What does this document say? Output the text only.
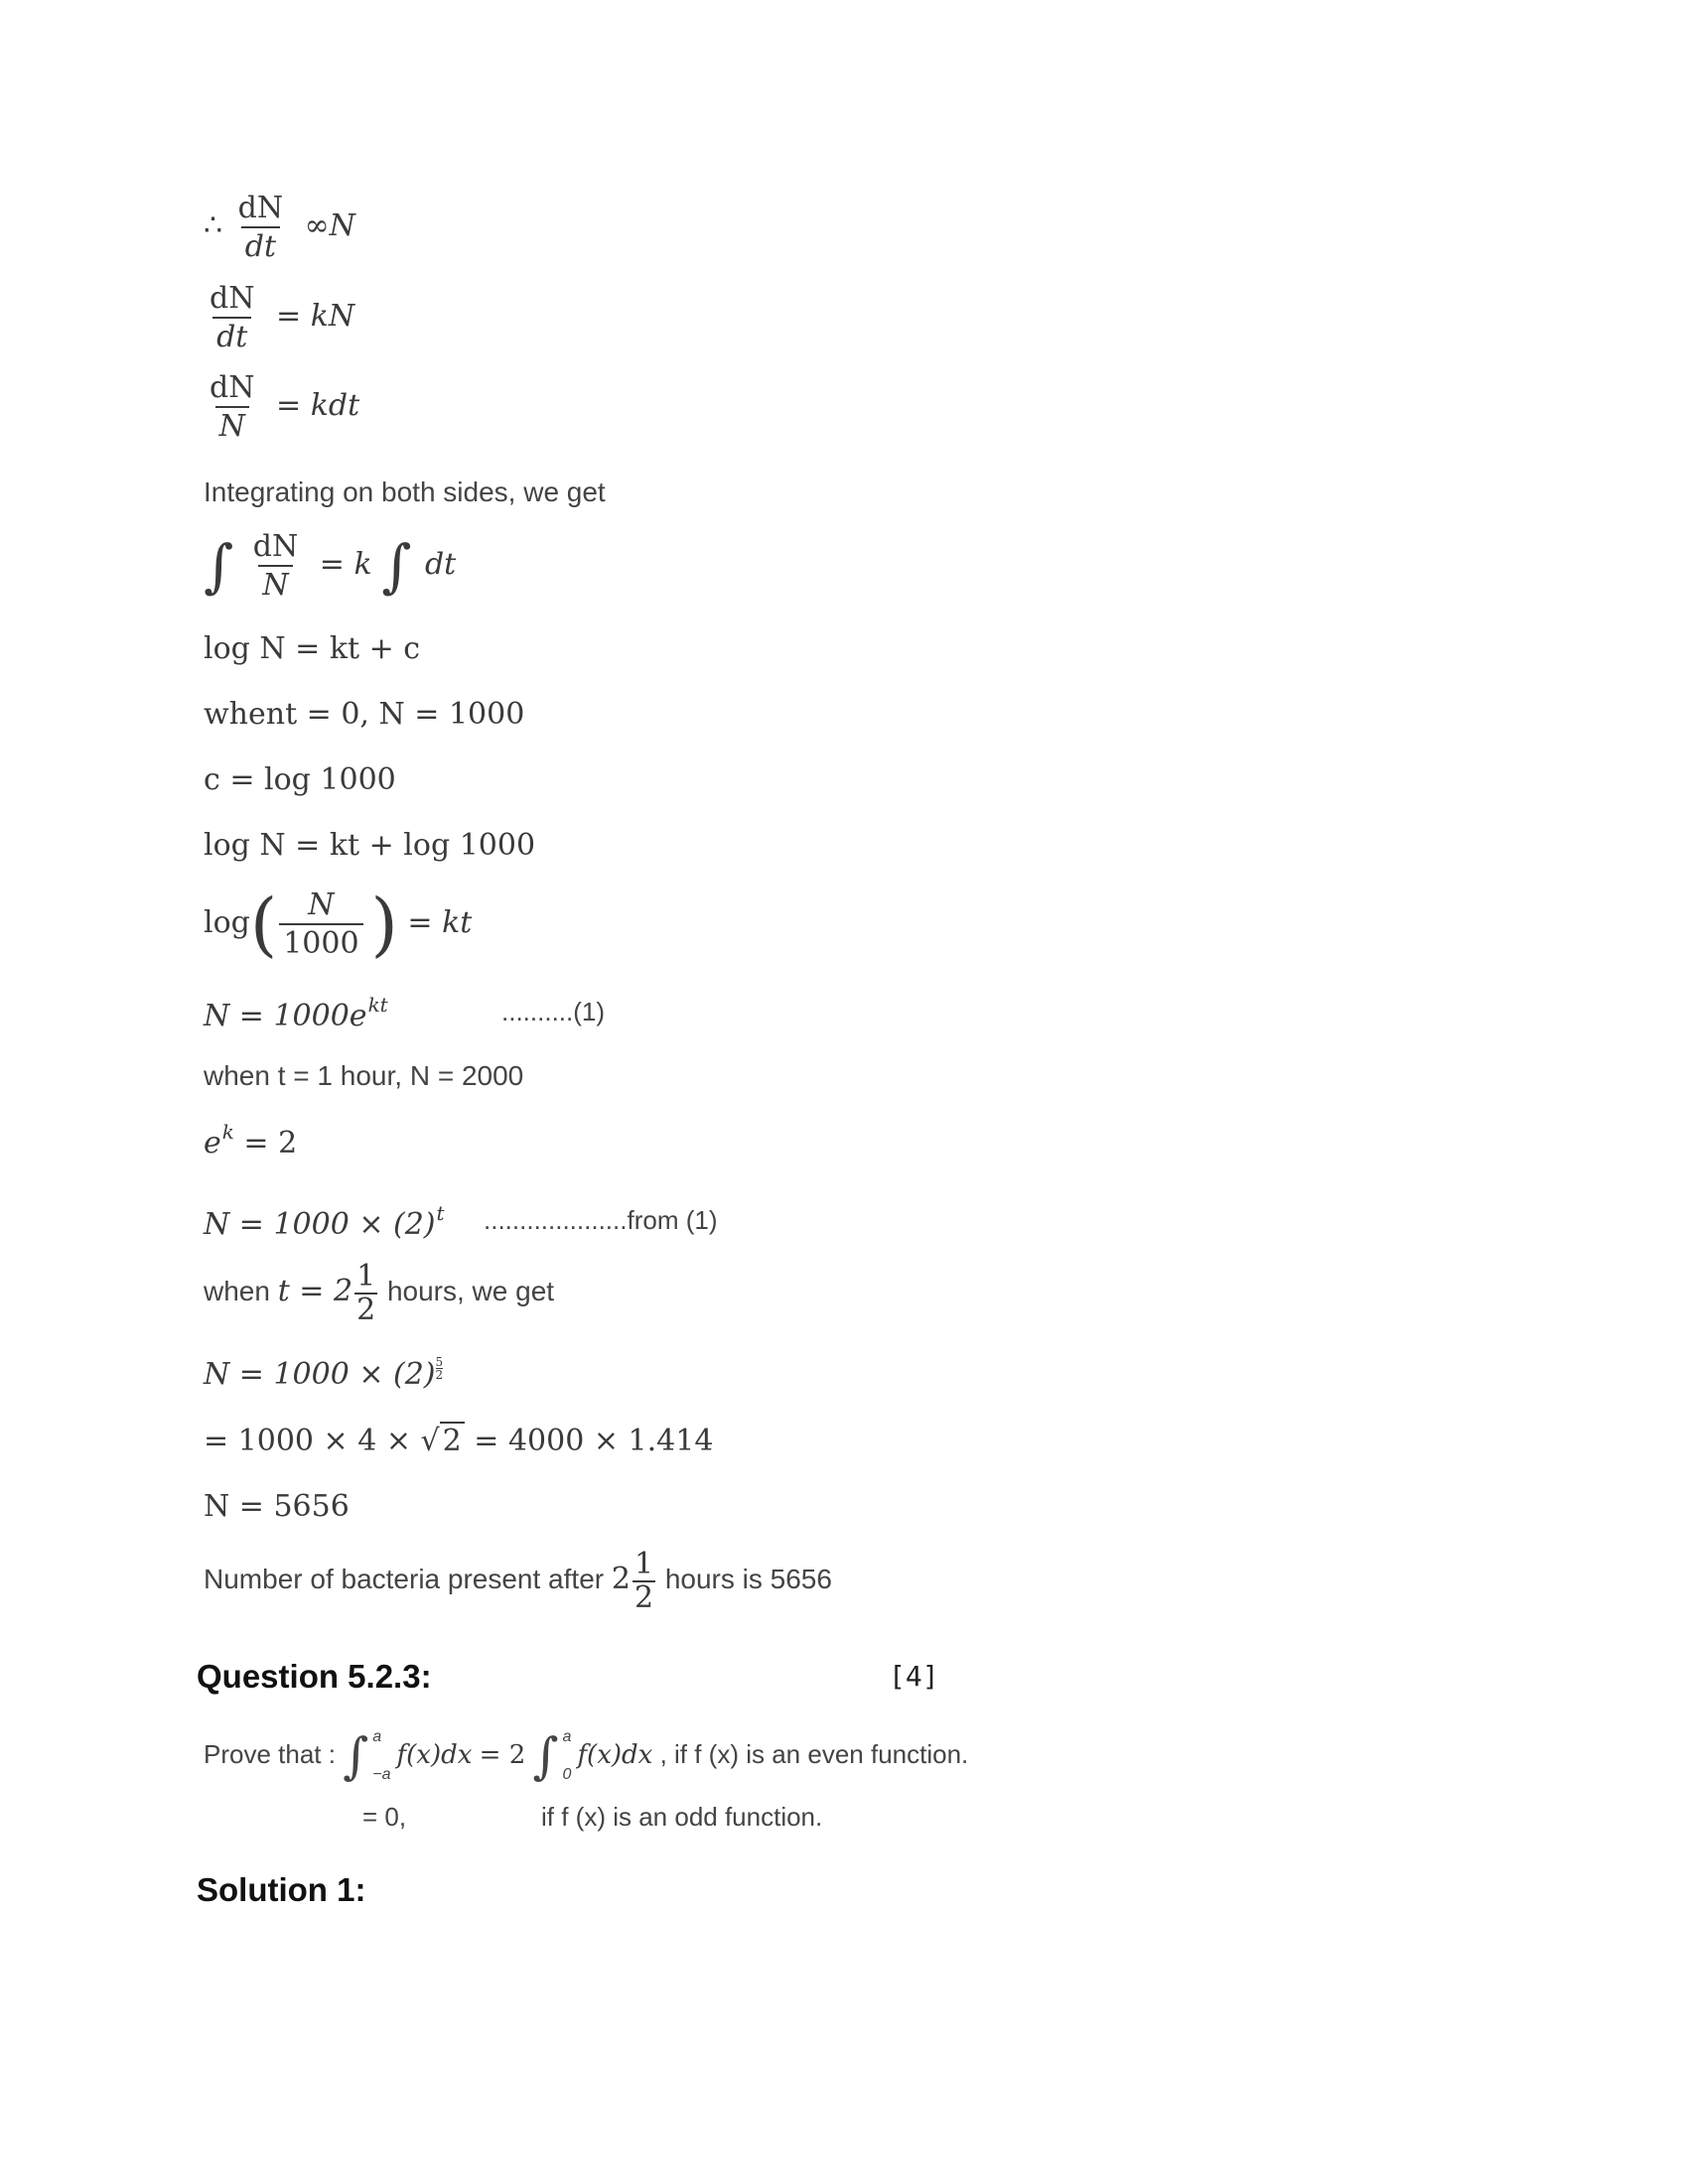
∴ $\frac{dN}{dt} \infty N$
$\frac{dN}{dt}$ = kN
$\frac{dN}{N}$ = kdt
Integrating on both sides, we get
∫ $\frac{dN}{N} = k$ ∫ dt
log N = kt + c
whent = 0, N = 1000
c = log 1000
log N = kt + log 1000
$\log( \frac{N}{1000}$ ) = kt
$N = 1000e^{kt}$	..........(1)
when t = 1 hour, N = 2000
$e^k = 2$
$N = 1000 \times (2)^t$ ....................from (1)
when $t = 2 \frac{1}{2}$ hours, we get
$N = 1000 \times (2) \frac{5}{2}$
= 1000 × 4 × √ 2 = 4000 × 1.414
N = 5656
Number of bacteria present after $2 \frac{1}{2}$ hours is 5656
Question 5.2.3:	[4]
Prove that : ∫ a
−a
f(x)dx = 2 ∫ a
0
f(x)dx , if f (x) is an even function.
= 0,	if f (x) is an odd function.
Solution 1:
